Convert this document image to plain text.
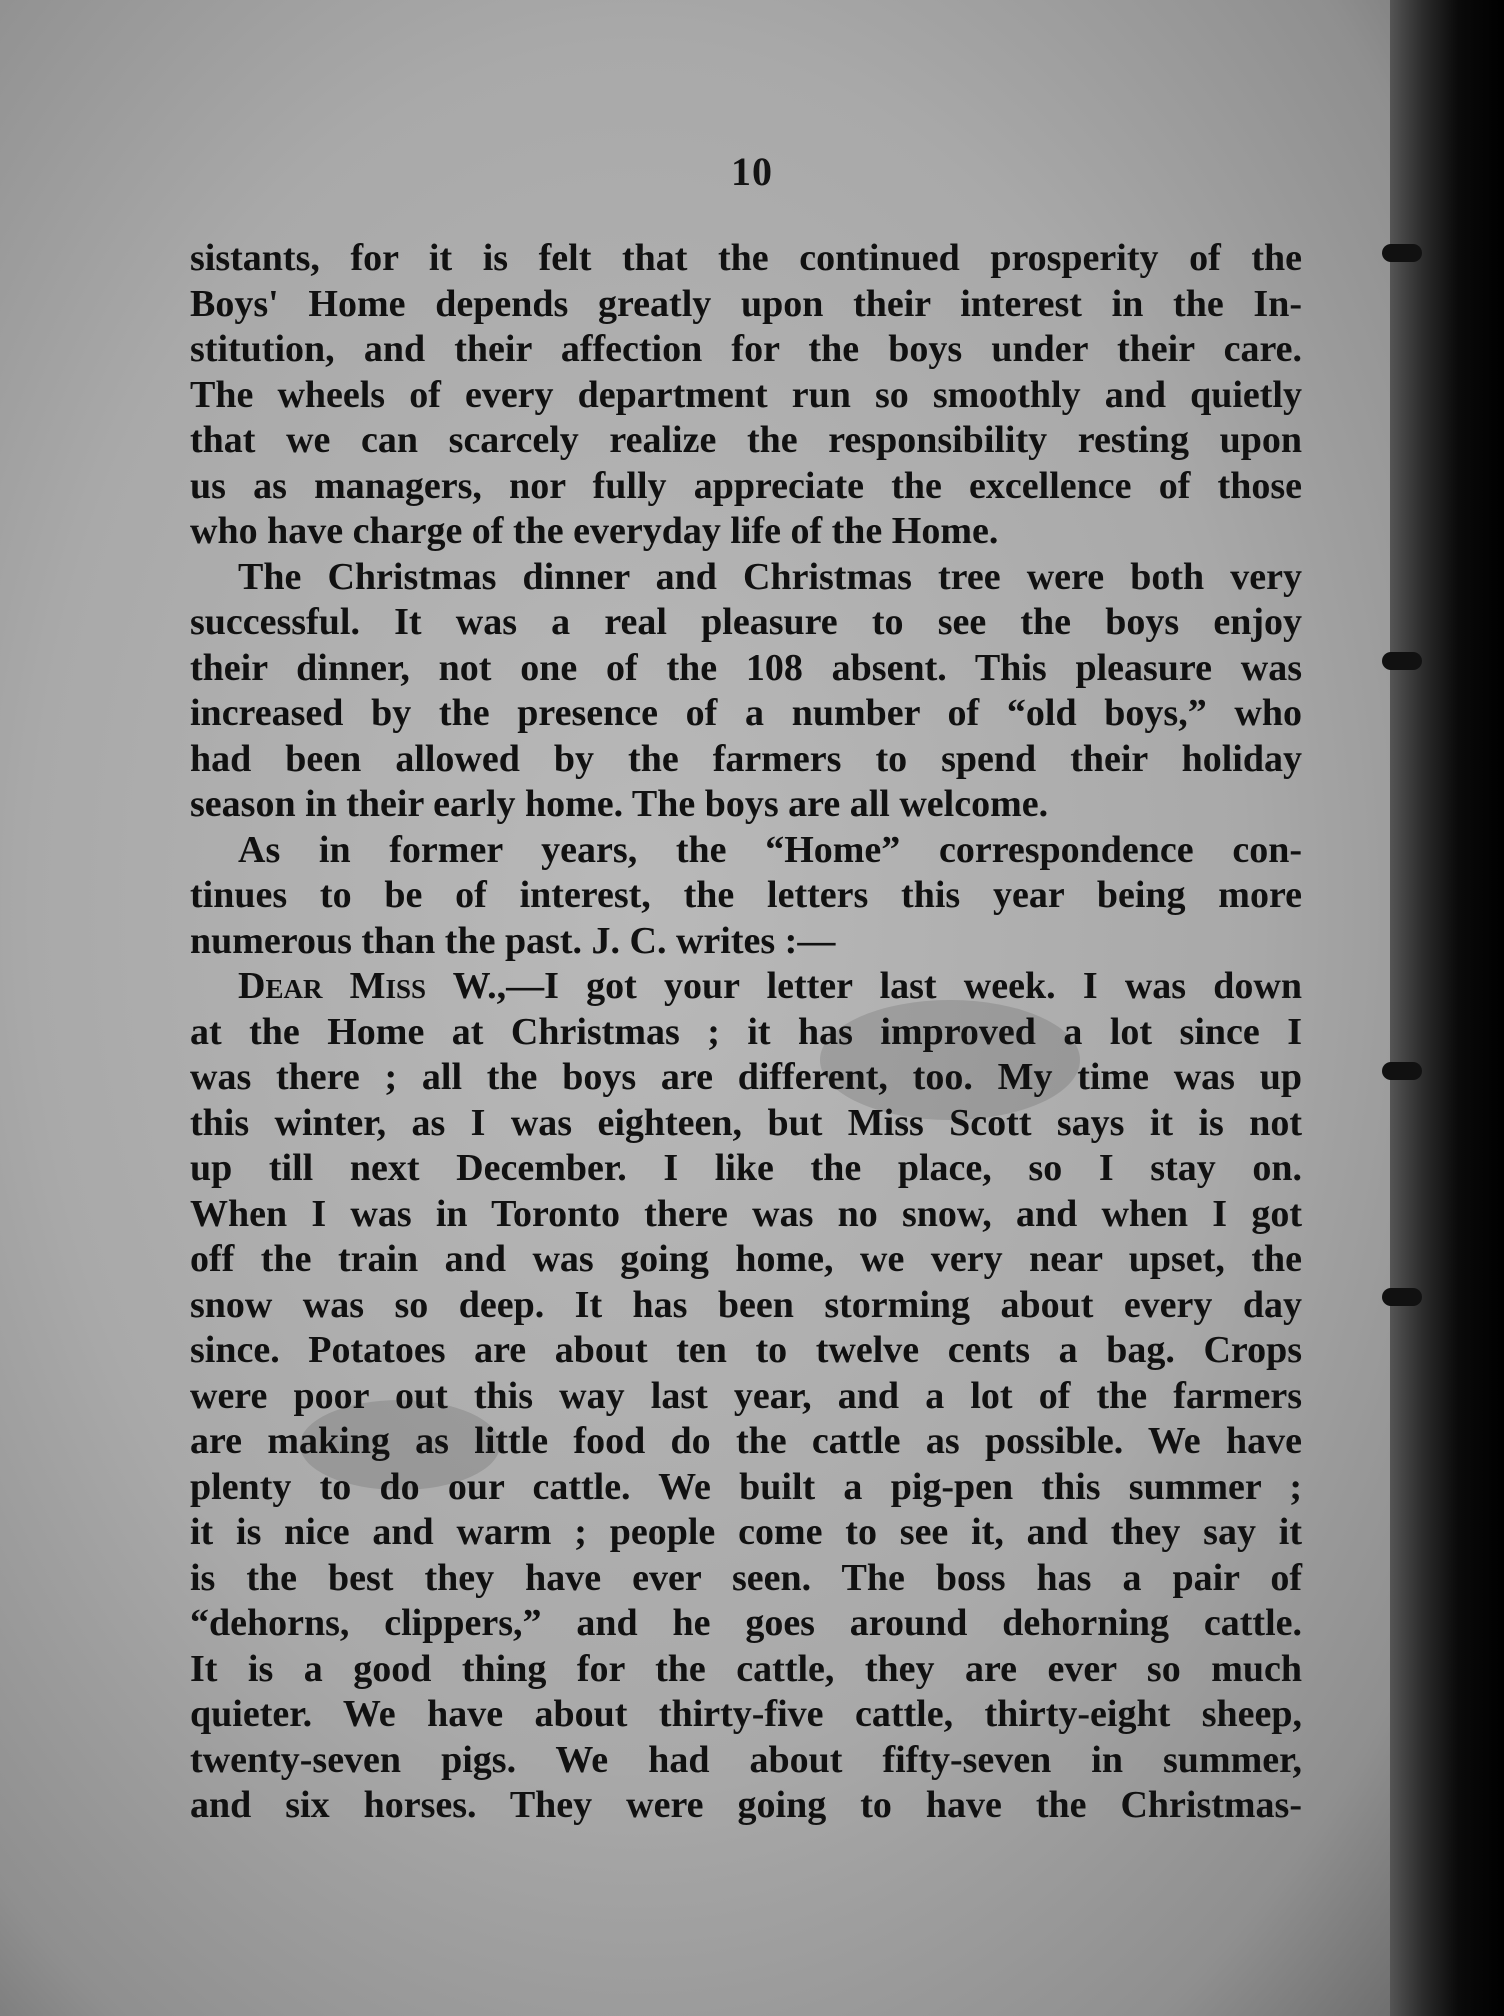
10
sistants, for it is felt that the continued prosperity of the
Boys' Home depends greatly upon their interest in the In-
stitution, and their affection for the boys under their care.
The wheels of every department run so smoothly and quietly
that we can scarcely realize the responsibility resting upon
us as managers, nor fully appreciate the excellence of those
who have charge of the everyday life of the Home.
The Christmas dinner and Christmas tree were both very
successful. It was a real pleasure to see the boys enjoy
their dinner, not one of the 108 absent. This pleasure was
increased by the presence of a number of “old boys,” who
had been allowed by the farmers to spend their holiday
season in their early home. The boys are all welcome.
As in former years, the “Home” correspondence con-
tinues to be of interest, the letters this year being more
numerous than the past. J. C. writes :—
Dear Miss W.,—I got your letter last week. I was down
at the Home at Christmas ; it has improved a lot since I
was there ; all the boys are different, too. My time was up
this winter, as I was eighteen, but Miss Scott says it is not
up till next December. I like the place, so I stay on.
When I was in Toronto there was no snow, and when I got
off the train and was going home, we very near upset, the
snow was so deep. It has been storming about every day
since. Potatoes are about ten to twelve cents a bag. Crops
were poor out this way last year, and a lot of the farmers
are making as little food do the cattle as possible. We have
plenty to do our cattle. We built a pig-pen this summer ;
it is nice and warm ; people come to see it, and they say it
is the best they have ever seen. The boss has a pair of
“dehorns, clippers,” and he goes around dehorning cattle.
It is a good thing for the cattle, they are ever so much
quieter. We have about thirty-five cattle, thirty-eight sheep,
twenty-seven pigs. We had about fifty-seven in summer,
and six horses. They were going to have the Christmas-
